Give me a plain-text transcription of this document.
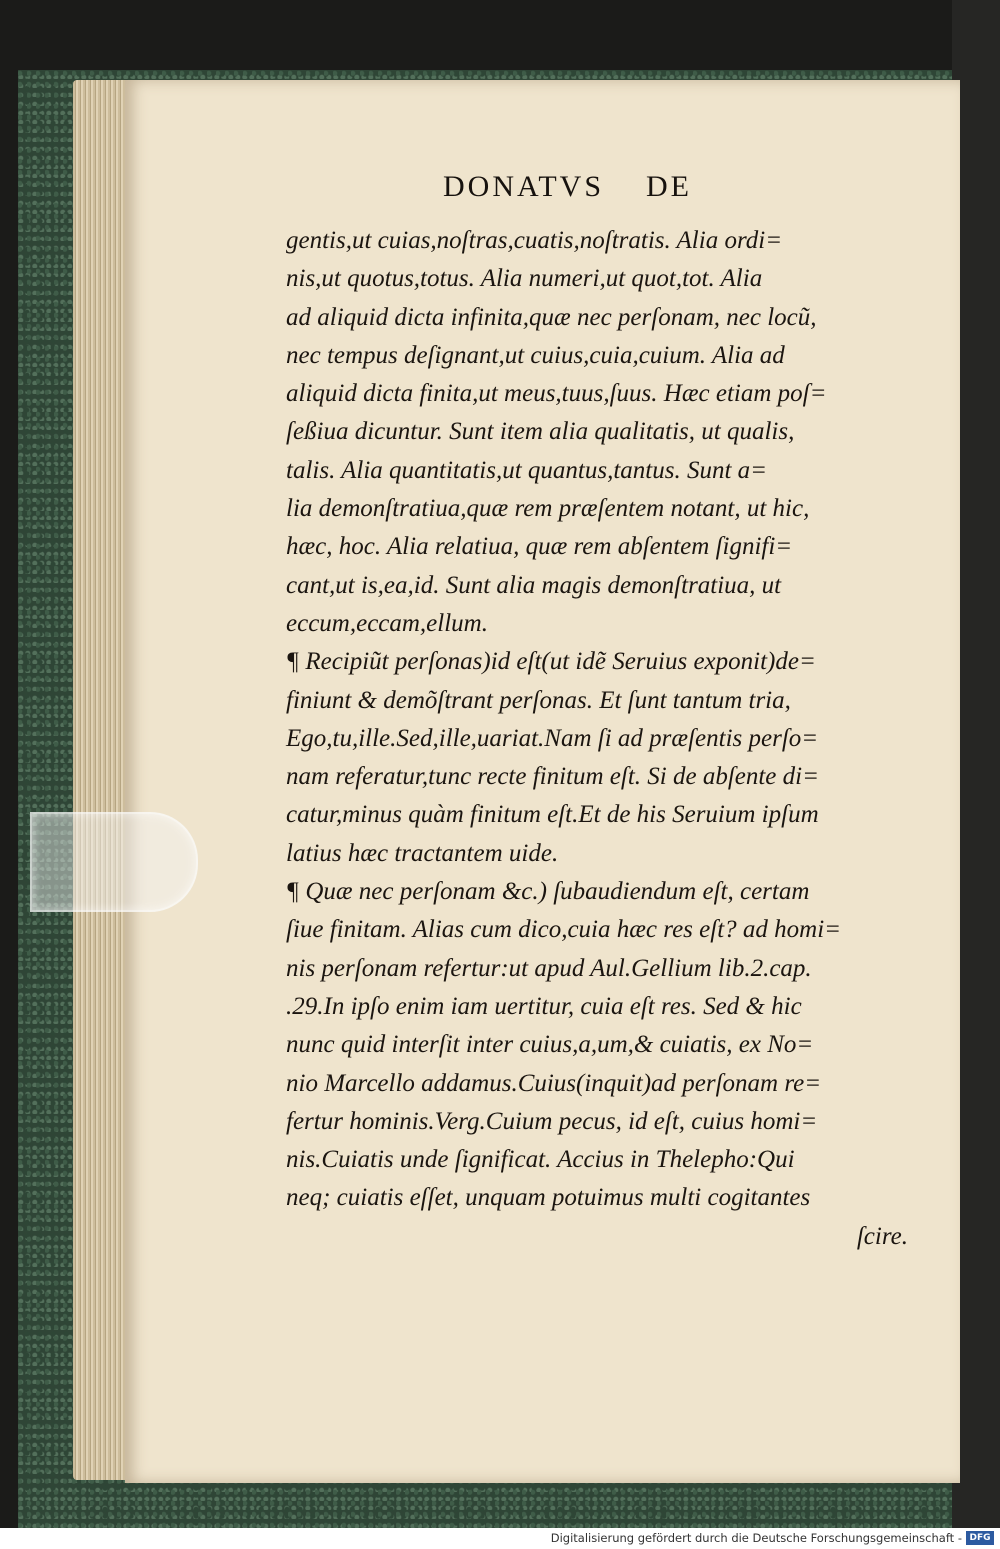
DONATVS DE
gentis,ut cuias,noſtras,cuatis,noſtratis. Alia ordi=
nis,ut quotus,totus. Alia numeri,ut quot,tot. Alia
ad aliquid dicta infinita,quæ nec perſonam, nec locũ,
nec tempus deſignant,ut cuius,cuia,cuium. Alia ad
aliquid dicta finita,ut meus,tuus,ſuus. Hæc etiam poſ=
ſeßiua dicuntur. Sunt item alia qualitatis, ut qualis,
talis. Alia quantitatis,ut quantus,tantus. Sunt a=
lia demonſtratiua,quæ rem præſentem notant, ut hic,
hæc, hoc. Alia relatiua, quæ rem abſentem ſignifi=
cant,ut is,ea,id. Sunt alia magis demonſtratiua, ut
eccum,eccam,ellum.
¶ Recipiũt perſonas)id eſt(ut idẽ Seruius exponit)de=
finiunt & demõſtrant perſonas. Et ſunt tantum tria,
Ego,tu,ille.Sed,ille,uariat.Nam ſi ad præſentis perſo=
nam referatur,tunc recte finitum eſt. Si de abſente di=
catur,minus quàm finitum eſt.Et de his Seruium ipſum
latius hæc tractantem uide.
¶ Quæ nec perſonam &c.) ſubaudiendum eſt, certam
ſiue finitam. Alias cum dico,cuia hæc res eſt? ad homi=
nis perſonam refertur:ut apud Aul.Gellium lib.2.cap.
.29.In ipſo enim iam uertitur, cuia eſt res. Sed & hic
nunc quid interſit inter cuius,a,um,& cuiatis, ex No=
nio Marcello addamus.Cuius(inquit)ad perſonam re=
fertur hominis.Verg.Cuium pecus, id eſt, cuius homi=
nis.Cuiatis unde ſignificat. Accius in Thelepho:Qui
neq; cuiatis eſſet, unquam potuimus multi cogitantes
ſcire.
Digitalisierung gefördert durch die Deutsche Forschungsgemeinschaft - DFG
